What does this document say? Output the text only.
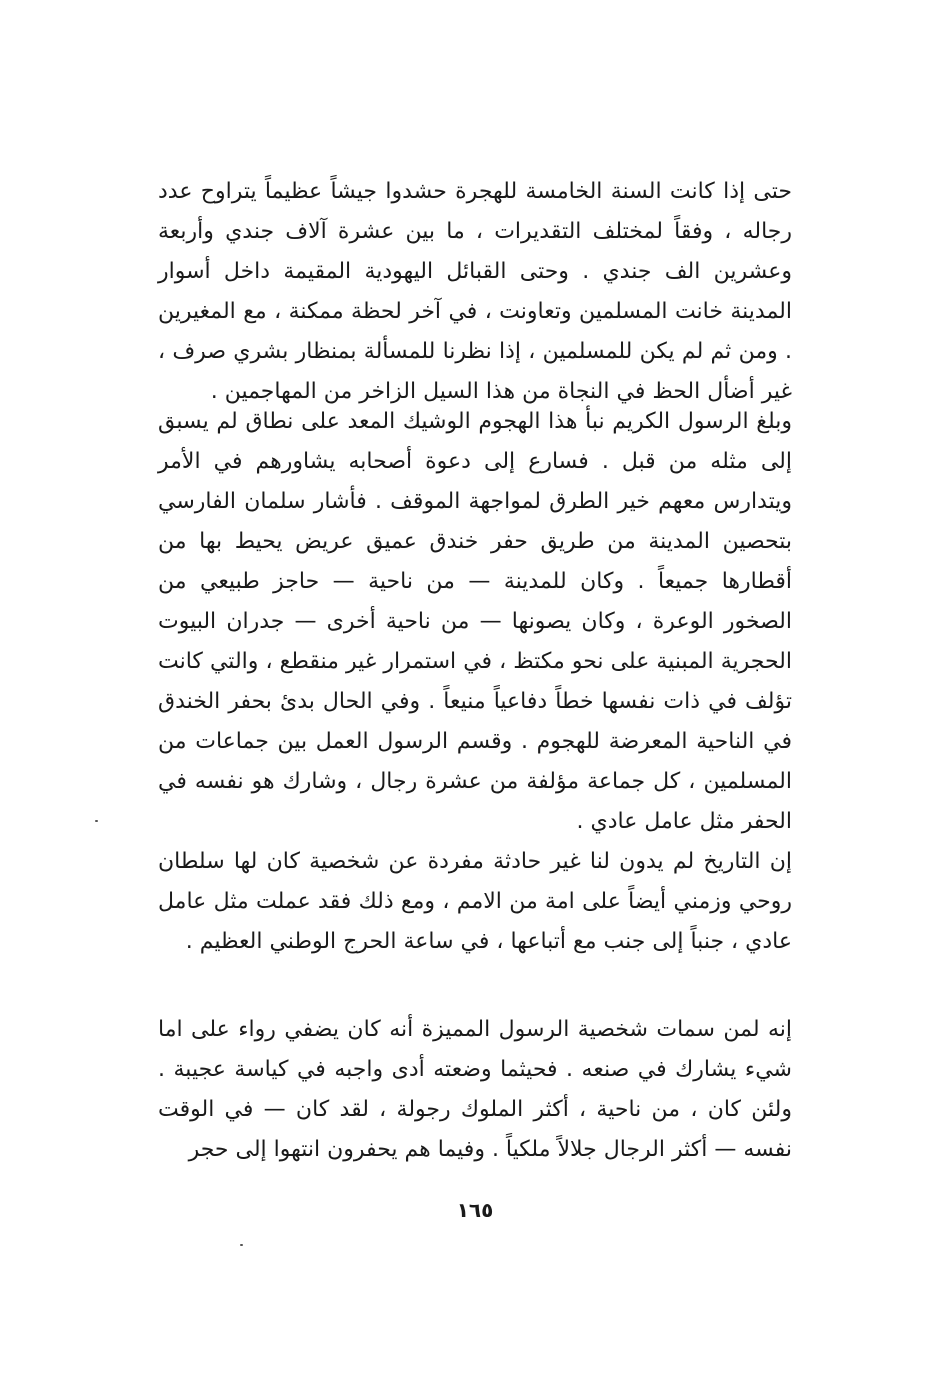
حتى إذا كانت السنة الخامسة للهجرة حشدوا جيشاً عظيماً يتراوح عدد رجاله ، وفقاً لمختلف التقديرات ، ما بين عشرة آلاف جندي وأربعة وعشرين الف جندي . وحتى القبائل اليهودية المقيمة داخل أسوار المدينة خانت المسلمين وتعاونت ، في آخر لحظة ممكنة ، مع المغيرين . ومن ثم لم يكن للمسلمين ، إذا نظرنا للمسألة بمنظار بشري صرف ، غير أضأل الحظ في النجاة من هذا السيل الزاخر من المهاجمين .

وبلغ الرسول الكريم نبأ هذا الهجوم الوشيك المعد على نطاق لم يسبق إلى مثله من قبل . فسارع إلى دعوة أصحابه يشاورهم في الأمر ويتدارس معهم خير الطرق لمواجهة الموقف . فأشار سلمان الفارسي بتحصين المدينة من طريق حفر خندق عميق عريض يحيط بها من أقطارها جميعاً . وكان للمدينة — من ناحية — حاجز طبيعي من الصخور الوعرة ، وكان يصونها — من ناحية أخرى — جدران البيوت الحجرية المبنية على نحو مكتظ ، في استمرار غير منقطع ، والتي كانت تؤلف في ذات نفسها خطاً دفاعياً منيعاً . وفي الحال بدئ بحفر الخندق في الناحية المعرضة للهجوم . وقسم الرسول العمل بين جماعات من المسلمين ، كل جماعة مؤلفة من عشرة رجال ، وشارك هو نفسه في الحفر مثل عامل عادي .

إن التاريخ لم يدون لنا غير حادثة مفردة عن شخصية كان لها سلطان روحي وزمني أيضاً على امة من الامم ، ومع ذلك فقد عملت مثل عامل عادي ، جنباً إلى جنب مع أتباعها ، في ساعة الحرج الوطني العظيم .

إنه لمن سمات شخصية الرسول المميزة أنه كان يضفي رواء على اما شيء يشارك في صنعه . فحيثما وضعته أدى واجبه في كياسة عجيبة . ولئن كان ، من ناحية ، أكثر الملوك رجولة ، لقد كان — في الوقت نفسه — أكثر الرجال جلالاً ملكياً . وفيما هم يحفرون انتهوا إلى حجر

١٦٥
